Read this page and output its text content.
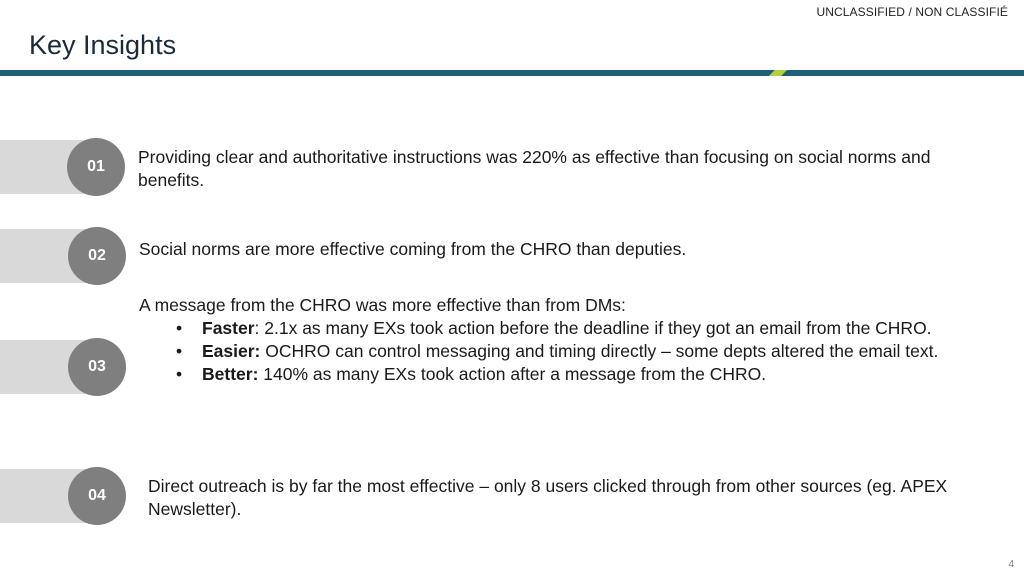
UNCLASSIFIED / NON CLASSIFIÉ
Key Insights
01	Providing clear and authoritative instructions was 220% as effective than focusing on social norms and benefits.

02	Social norms are more effective coming from the CHRO than deputies.

03

A message from the CHRO was more effective than from DMs:

• Faster: 2.1x as many EXs took action before the deadline if they got an email from the CHRO.
• Easier: OCHRO can control messaging and timing directly – some depts altered the email text.
• Better: 140% as many EXs took action after a message from the CHRO.
04	Direct outreach is by far the most effective – only 8 users clicked through from other sources (eg. APEX Newsletter).

4
